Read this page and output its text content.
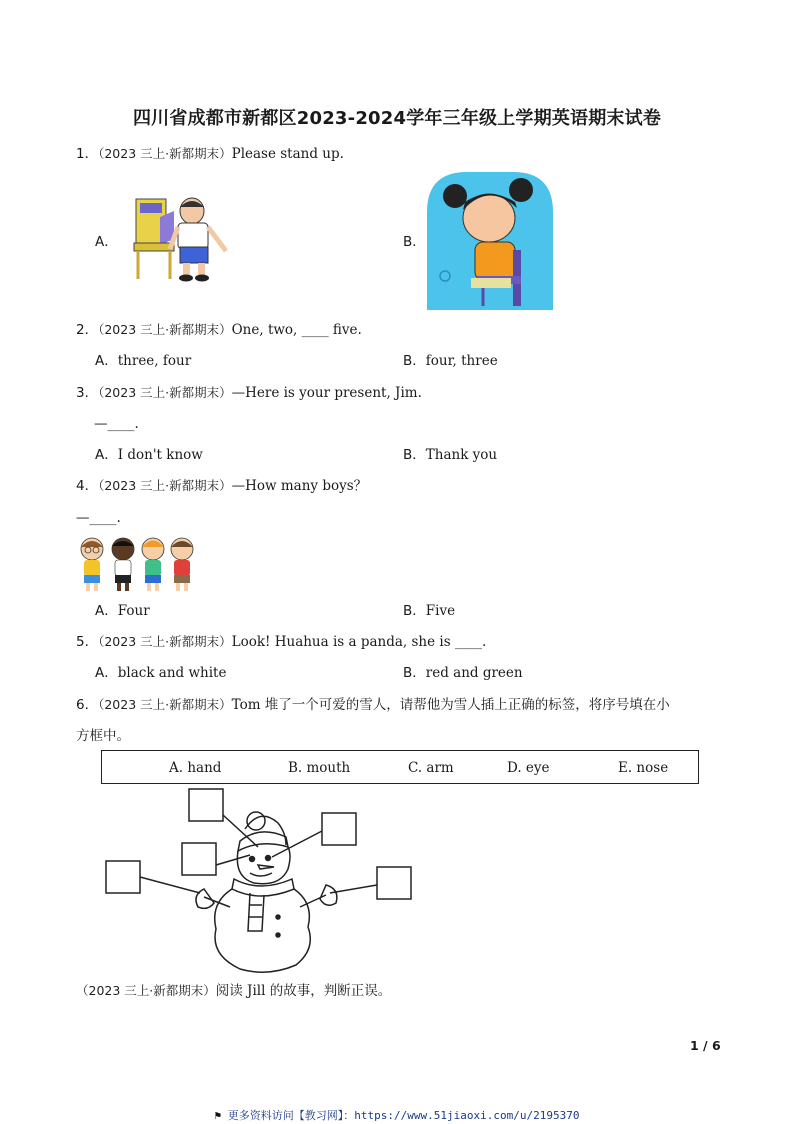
四川省成都市新都区2023-2024学年三年级上学期英语期末试卷
1．（2023 三上·新都期末）Please stand up.
A．	B．
2．（2023 三上·新都期末）One, two, ____ five.
A．three, four	B．four, three
3．（2023 三上·新都期末）—Here is your present, Jim.
—____.
A．I don't know	B．Thank you
4．（2023 三上·新都期末）—How many boys？
—____.
A．Four	B．Five
5．（2023 三上·新都期末）Look! Huahua is a panda, she is ____.
A．black and white	B．red and green
6．（2023 三上·新都期末）Tom 堆了一个可爱的雪人，请帮他为雪人插上正确的标签，将序号填在小
方框中。
A. hand	B. mouth	C. arm	D. eye	E. nose
（2023 三上·新都期末）阅读 Jill 的故事，判断正误。
1 / 6
⚑ 更多资料访问【教习网】：https://www.51jiaoxi.com/u/2195370
